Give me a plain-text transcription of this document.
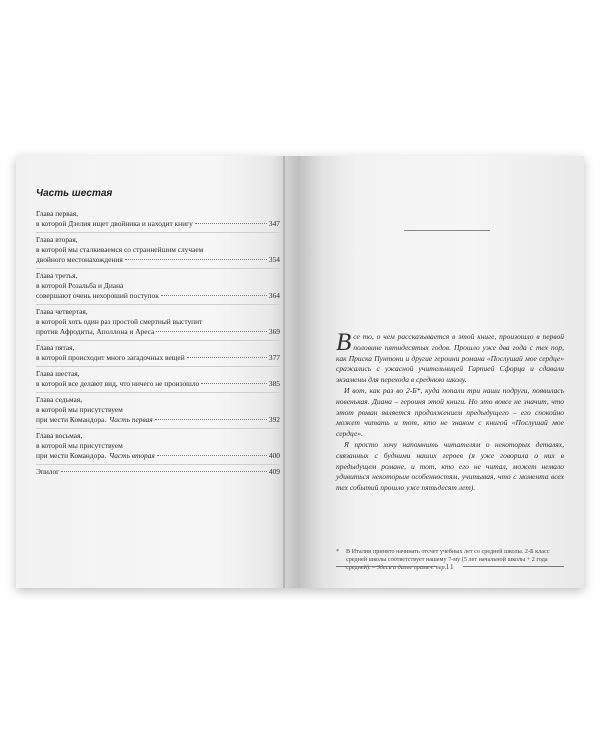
Часть шестая
Глава первая,
в которой Дзелия ищет двойника и находит книгу	347
Глава вторая,
в которой мы сталкиваемся со страннейшим случаем
двойного местонахождения	354
Глава третья,
в которой Розальба и Диана
совершают очень нехороший поступок	364
Глава четвертая,
в которой хоть один раз простой смертный выступит
против Афродиты, Аполлона и Ареса	369
Глава пятая,
в которой происходит много загадочных вещей	377
Глава шестая,
в которой все делают вид, что ничего не произошло	385
Глава седьмая,
в которой мы присутствуем
при мести Командора. Часть первая	392
Глава восьмая,
в которой мы присутствуем
при мести Командора. Часть вторая	400
Эпилог	409

Все то, о чем рассказывается в этой книге, произошло в первой половине пятидесятых годов. Прошло уже два года с тех пор, как Приска Пунтони и другие героини романа «Послушай мое сердце» сражались с ужасной учительницей Гарпией Сфорца и сдавали экзамены для перехода в среднюю школу.

И вот, как раз во 2-Б*, куда попали три наши подруги, появилась новенькая. Диана – героиня этой книги. Но это вовсе не значит, что этот роман является продолжением предыдущего – его спокойно может читать и тот, кто не знаком с книгой «Послушай мое сердце».

Я просто хочу напомнить читателям о некоторых деталях, связанных с будними наших героев (я уже говорила о них в предыдущем романе, и тот, кто его не читал, может немало удивиться некоторым особенностям, учитывая, что с момента всех тех событий прошло уже пятьдесят лет).

*	В Италии принято начинать отсчет учебных лет со средней школы. 2-Б класс средней школы соответствует нашему 7-му (5 лет начальной школы + 2 года средней). – Здесь и далее примеч. пер. 11
